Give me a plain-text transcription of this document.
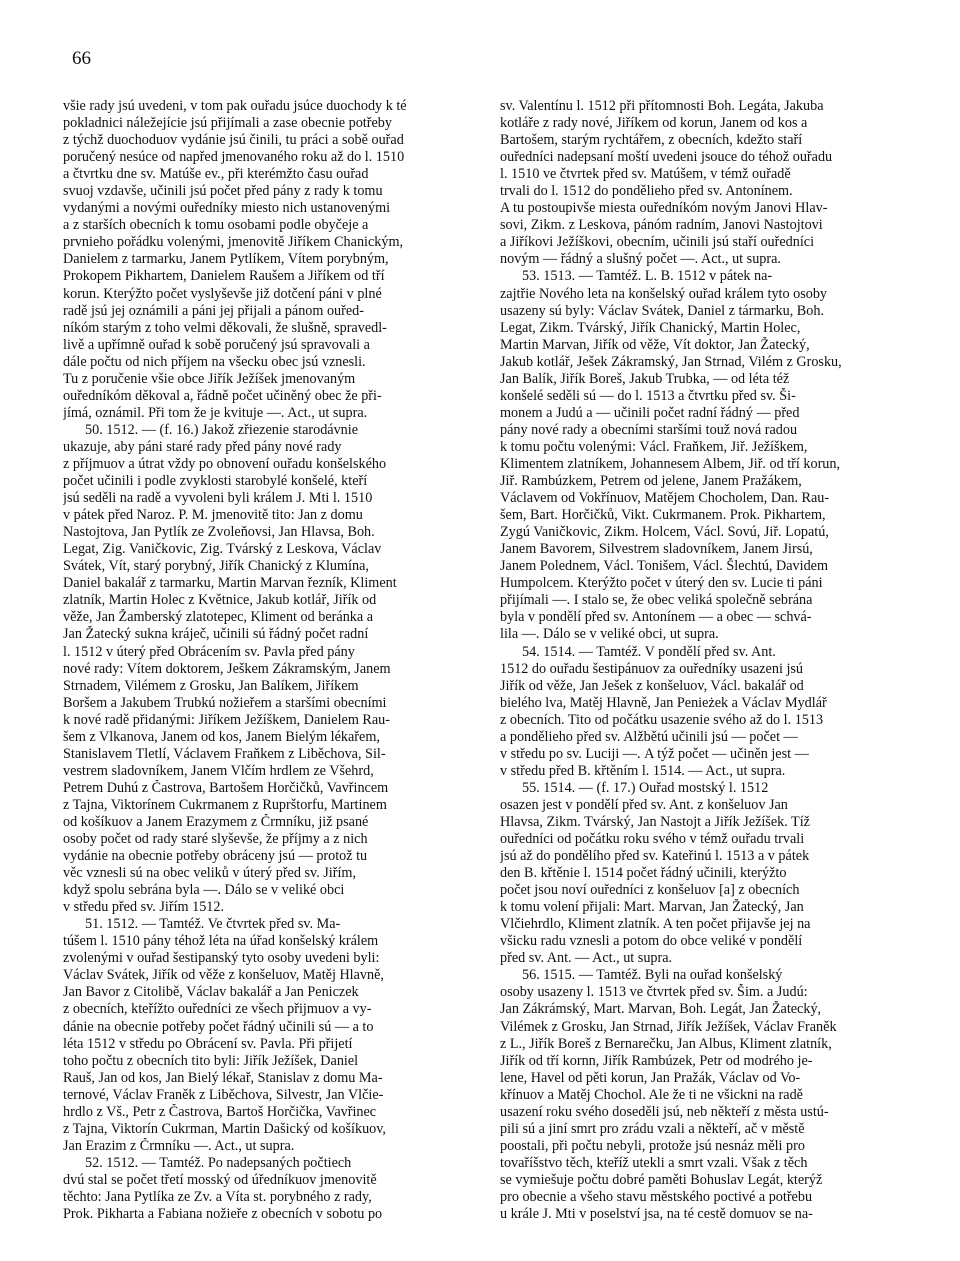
66
všie rady jsú uvedeni, v tom pak ouřadu jsúce duochody k té
pokladnici náležejície jsú přijímali a zase obecnie potřeby
z týchž duochoduov vydánie jsú činili, tu práci a sobě ouřad
poručený nesúce od napřed jmenovaného roku až do l. 1510
a čtvrtku dne sv. Matúše ev., při kterémžto času ouřad
svuoj vzdavše, učinili jsú počet před pány z rady k tomu
vydanými a novými ouředníky miesto nich ustanovenými
a z starších obecních k tomu osobami podle obyčeje a
prvnieho pořádku volenými, jmenovitě Jiříkem Chanickým,
Danielem z tarmarku, Janem Pytlíkem, Vítem porybným,
Prokopem Pikhartem, Danielem Raušem a Jiříkem od tří
korun. Kterýžto počet vyslyševše již dotčení páni v plné
radě jsú jej oznámili a páni jej přijali a pánom ouřed-
níkóm starým z toho velmi děkovali, že slušně, spravedl-
livě a upřímně ouřad k sobě poručený jsú spravovali a
dále počtu od nich příjem na všecku obec jsú vznesli.
Tu z poručenie všie obce Jiřík Ježíšek jmenovaným
ouředníkóm děkoval a, řádně počet učiněný obec že při-
jímá, oznámil. Při tom že je kvituje —. Act., ut supra.
50. 1512. — (f. 16.) Jakož zřiezenie starodávnie
ukazuje, aby páni staré rady před pány nové rady
z příjmuov a útrat vždy po obnovení ouřadu konšelského
počet učinili i podle zvyklosti starobylé konšelé, kteří
jsú seděli na radě a vyvoleni byli králem J. Mti l. 1510
v pátek před Naroz. P. M. jmenovitě tito: Jan z domu
Nastojtova, Jan Pytlík ze Zvoleňovsi, Jan Hlavsa, Boh.
Legat, Zig. Vaničkovic, Zig. Tvárský z Leskova, Václav
Svátek, Vít, starý porybný, Jiřík Chanický z Klumína,
Daniel bakalář z tarmarku, Martin Marvan řezník, Kliment
zlatník, Martin Holec z Květnice, Jakub kotlář, Jiřík od
věže, Jan Žamberský zlatotepec, Kliment od beránka a
Jan Žatecký sukna kráječ, učinili sú řádný počet radní
l. 1512 v úterý před Obrácením sv. Pavla před pány
nové rady: Vítem doktorem, Ješkem Zákramským, Janem
Strnadem, Vilémem z Grosku, Jan Balíkem, Jiříkem
Boršem a Jakubem Trubkú nožieřem a staršími obecními
k nové radě přidanými: Jiříkem Ježíškem, Danielem Rau-
šem z Vlkanova, Janem od kos, Janem Bielým lékařem,
Stanislavem Tletlí, Václavem Fraňkem z Liběchova, Sil-
vestrem sladovníkem, Janem Vlčím hrdlem ze Všehrd,
Petrem Duhú z Častrova, Bartošem Horčičků, Vavřincem
z Tajna, Viktorínem Cukrmanem z Ruprštorfu, Martinem
od košíkuov a Janem Erazymem z Črmníku, již psané
osoby počet od rady staré slyševše, že příjmy a z nich
vydánie na obecnie potřeby obráceny jsú — protož tu
věc vznesli sú na obec veliků v úterý před sv. Jiřím,
když spolu sebrána byla —. Dálo se v veliké obci
v středu před sv. Jiřím 1512.
51. 1512. — Tamtéž. Ve čtvrtek před sv. Ma-
túšem l. 1510 pány téhož léta na úřad konšelský králem
zvolenými v ouřad šestipanský tyto osoby uvedeni byli:
Václav Svátek, Jiřík od věže z konšeluov, Matěj Hlavně,
Jan Bavor z Citolibě, Václav bakalář a Jan Peniczek
z obecních, kteřížto ouředníci ze všech přijmuov a vy-
dánie na obecnie potřeby počet řádný učinili sú — a to
léta 1512 v středu po Obrácení sv. Pavla. Při přijetí
toho počtu z obecních tito byli: Jiřík Ježíšek, Daniel
Rauš, Jan od kos, Jan Bielý lékař, Stanislav z domu Ma-
ternové, Václav Franěk z Liběchova, Silvestr, Jan Vlčie-
hrdlo z Vš., Petr z Častrova, Bartoš Horčička, Vavřinec
z Tajna, Viktorín Cukrman, Martin Dašický od košíkuov,
Jan Erazim z Črmníku —. Act., ut supra.
52. 1512. — Tamtéž. Po nadepsaných počtiech
dvú stal se počet třetí mosský od úředníkuov jmenovitě
těchto: Jana Pytlíka ze Zv. a Víta st. porybného z rady,
Prok. Pikharta a Fabiana nožieře z obecních v sobotu po
sv. Valentínu l. 1512 při přítomnosti Boh. Legáta, Jakuba
kotlářе z rady nové, Jiříkem od korun, Janem od kos a
Bartošem, starým rychtářem, z obecních, kdežto staří
ouředníci nadepsaní moští uvedeni jsouce do téhož ouřadu
l. 1510 ve čtvrtek před sv. Matúšem, v témž ouřadě
trvali do l. 1512 do pondělieho před sv. Antonínem.
A tu postoupivše miesta ouředníkóm novým Janovi Hlav-
sovi, Zikm. z Leskova, pánóm radním, Janovi Nastojtovi
a Jiříkovi Ježíškovi, obecním, učinili jsú staří ouředníci
novým — řádný a slušný počet —. Act., ut supra.
53. 1513. — Tamtéž. L. B. 1512 v pátek na-
zajtřie Nového leta na konšelský ouřad králem tyto osoby
usazeny sú byly: Václav Svátek, Daniel z tármarku, Boh.
Legat, Zikm. Tvárský, Jiřík Chanický, Martin Holec,
Martin Marvan, Jiřík od věže, Vít doktor, Jan Žatecký,
Jakub kotlář, Ješek Zákramský, Jan Strnad, Vilém z Grosku,
Jan Balík, Jiřík Boreš, Jakub Trubka, — od léta též
konšelé seděli sú — do l. 1513 a čtvrtku před sv. Ši-
monem a Judú a — učinili počet radní řádný — před
pány nové rady a obecními staršími touž nová radou
k tomu počtu volenými: Václ. Fraňkem, Jiř. Ježíškem,
Klimentem zlatníkem, Johannesem Albem, Jiř. od tří korun,
Jiř. Rambúzkem, Petrem od jelene, Janem Pražákem,
Václavem od Vokřínuov, Matějem Chocholem, Dan. Rau-
šem, Bart. Horčičků, Vikt. Cukrmanem. Prok. Pikhartem,
Zygú Vaničkovic, Zikm. Holcem, Václ. Sovú, Jiř. Lopatú,
Janem Bavorem, Silvestrem sladovníkem, Janem Jirsú,
Janem Polednem, Václ. Tonišem, Václ. Šlechtú, Davidem
Humpolcem. Kterýžto počet v úterý den sv. Lucie ti páni
přijímali —. I stalo se, že obec veliká společně sebrána
byla v pondělí před sv. Antonínem — a obec — schvá-
lila —. Dálo se v veliké obci, ut supra.
54. 1514. — Tamtéž. V pondělí před sv. Ant.
1512 do ouřadu šestipánuov za ouředníky usazeni jsú
Jiřík od věže, Jan Ješek z konšeluov, Václ. bakalář od
bielého lva, Matěj Hlavně, Jan Penieżek a Václav Mydlář
z obecních. Tito od počátku usazenie svého až do l. 1513
a pondělieho před sv. Alžbětú učinili jsú — počet —
v středu po sv. Lucijі —. A týž počet — učiněn jest —
v středu před B. křtěním l. 1514. — Act., ut supra.
55. 1514. — (f. 17.) Ouřad mostský l. 1512
osazen jest v pondělí před sv. Ant. z konšeluov Jan
Hlavsa, Zikm. Tvárský, Jan Nastojt a Jiřík Ježíšek. Tíž
ouředníci od počátku roku svého v témž ouřadu trvali
jsú až do pondělího před sv. Kateřinú l. 1513 a v pátek
den B. křtěnie l. 1514 počet řádný učinili, kterýžto
počet jsou noví ouředníci z konšeluov [a] z obecních
k tomu volení přijali: Mart. Marvan, Jan Žatecký, Jan
Vlčiehrdlo, Kliment zlatník. A ten počet přijavše jej na
všicku radu vznesli a potom do obce veliké v pondělí
před sv. Ant. — Act., ut supra.
56. 1515. — Tamtéž. Byli na ouřad konšelský
osoby usazeny l. 1513 ve čtvrtek před sv. Šim. a Judú:
Jan Zákrámský, Mart. Marvan, Boh. Legát, Jan Žatecký,
Vilémek z Grosku, Jan Strnad, Jiřík Ježíšek, Václav Franěk
z L., Jiřík Boreš z Bernarečku, Jan Albus, Kliment zlatník,
Jiřík od tří kornn, Jiřík Rambúzek, Petr od modrého je-
lene, Havel od pěti korun, Jan Pražák, Václav od Vo-
křínuov a Matěj Chochol. Ale že ti ne všickni na radě
usazení roku svého doseděli jsú, neb někteří z města ustú-
pili sú a jiní smrt pro zrádu vzali a někteří, ač v městě
poostali, při počtu nebyli, protože jsú nesnáz měli pro
tovaříšstvo těch, kteříž utekli a smrt vzali. Však z těch
se vymiešuje počtu dobré paměti Bohuslav Legát, kterýž
pro obecnie a všeho stavu městského poctivé a potřebu
u krále J. Mti v poselství jsa, na té cestě domuov se na-
